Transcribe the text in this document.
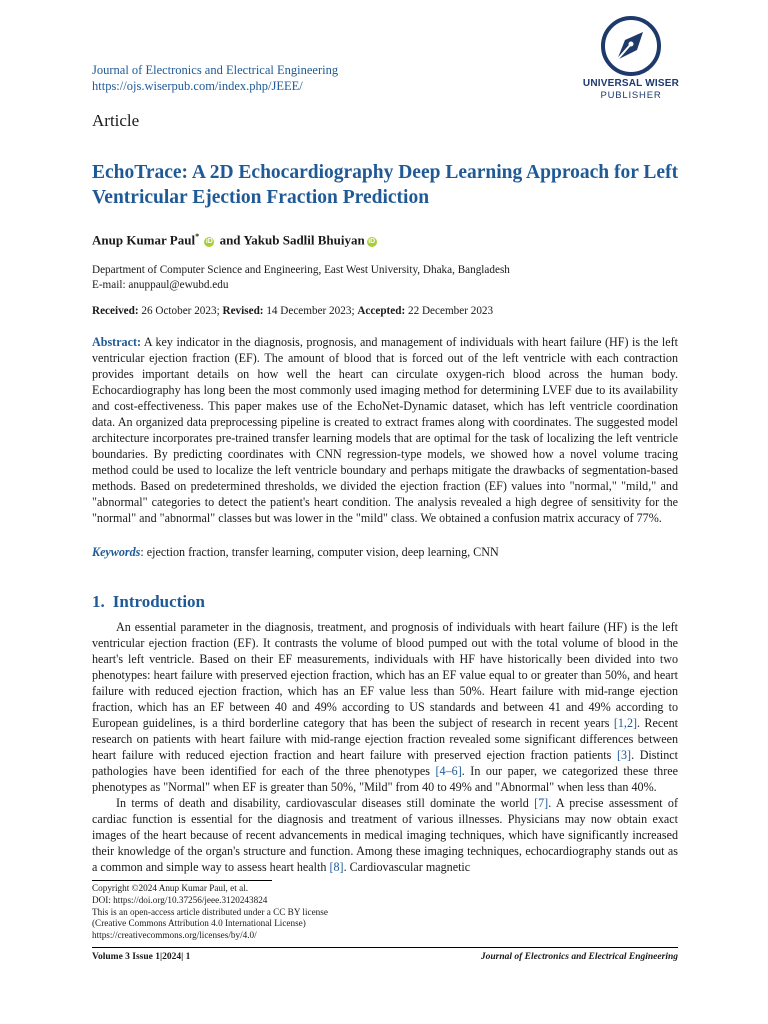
Journal of Electronics and Electrical Engineering
https://ojs.wiserpub.com/index.php/JEEE/	UNIVERSAL WISER
PUBLISHER
Article
EchoTrace: A 2D Echocardiography Deep Learning Approach for Left Ventricular Ejection Fraction Prediction
Anup Kumar Paul* iD and Yakub Sadlil Bhuiyan iD
Department of Computer Science and Engineering, East West University, Dhaka, Bangladesh
E-mail: anuppaul@ewubd.edu
Received: 26 October 2023; Revised: 14 December 2023; Accepted: 22 December 2023
Abstract: A key indicator in the diagnosis, prognosis, and management of individuals with heart failure (HF) is the left ventricular ejection fraction (EF). The amount of blood that is forced out of the left ventricle with each contraction provides important details on how well the heart can circulate oxygen-rich blood across the human body. Echocardiography has long been the most commonly used imaging method for determining LVEF due to its availability and cost-effectiveness. This paper makes use of the EchoNet-Dynamic dataset, which has left ventricle coordination data. An organized data preprocessing pipeline is created to extract frames along with coordinates. The suggested model architecture incorporates pre-trained transfer learning models that are optimal for the task of localizing the left ventricle boundaries. By predicting coordinates with CNN regression-type models, we showed how a novel volume tracing method could be used to localize the left ventricle boundary and perhaps mitigate the drawbacks of segmentation-based methods. Based on predetermined thresholds, we divided the ejection fraction (EF) values into "normal," "mild," and "abnormal" categories to detect the patient's heart condition. The analysis revealed a high degree of sensitivity for the "normal" and "abnormal" classes but was lower in the "mild" class. We obtained a confusion matrix accuracy of 77%.
Keywords: ejection fraction, transfer learning, computer vision, deep learning, CNN
1. Introduction

An essential parameter in the diagnosis, treatment, and prognosis of individuals with heart failure (HF) is the left ventricular ejection fraction (EF). It contrasts the volume of blood pumped out with the total volume of blood in the heart's left ventricle. Based on their EF measurements, individuals with HF have historically been divided into two phenotypes: heart failure with preserved ejection fraction, which has an EF value equal to or greater than 50%, and heart failure with reduced ejection fraction, which has an EF value less than 50%. Heart failure with mid-range ejection fraction, which has an EF between 40 and 49% according to US standards and between 41 and 49% according to European guidelines, is a third borderline category that has been the subject of research in recent years [1,2]. Recent research on patients with heart failure with mid-range ejection fraction revealed some significant differences between heart failure with reduced ejection fraction and heart failure with preserved ejection fraction patients [3]. Distinct pathologies have been identified for each of the three phenotypes [4–6]. In our paper, we categorized these three phenotypes as "Normal" when EF is greater than 50%, "Mild" from 40 to 49% and "Abnormal" when less than 40%.

In terms of death and disability, cardiovascular diseases still dominate the world [7]. A precise assessment of cardiac function is essential for the diagnosis and treatment of various illnesses. Physicians may now obtain exact images of the heart because of recent advancements in medical imaging techniques, which have significantly increased their knowledge of the organ's structure and function. Among these imaging techniques, echocardiography stands out as a common and simple way to assess heart health [8]. Cardiovascular magnetic

Copyright ©2024 Anup Kumar Paul, et al.
DOI: https://doi.org/10.37256/jeee.3120243824
This is an open-access article distributed under a CC BY license
(Creative Commons Attribution 4.0 International License)
https://creativecommons.org/licenses/by/4.0/
Volume 3 Issue 1|2024| 1	Journal of Electronics and Electrical Engineering
